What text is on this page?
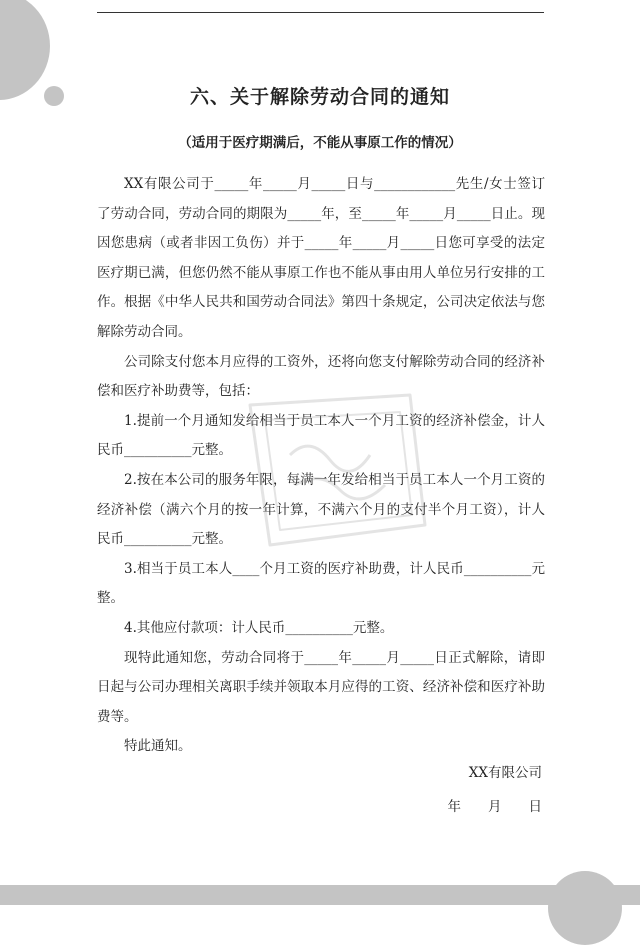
六、关于解除劳动合同的通知
（适用于医疗期满后，不能从事原工作的情况）

XX有限公司于_____年_____月_____日与____________先生/女士签订了劳动合同，劳动合同的期限为_____年，至_____年_____月_____日止。现因您患病（或者非因工负伤）并于_____年_____月_____日您可享受的法定医疗期已满，但您仍然不能从事原工作也不能从事由用人单位另行安排的工作。根据《中华人民共和国劳动合同法》第四十条规定，公司决定依法与您解除劳动合同。

公司除支付您本月应得的工资外，还将向您支付解除劳动合同的经济补偿和医疗补助费等，包括：

1.提前一个月通知发给相当于员工本人一个月工资的经济补偿金，计人民币__________元整。

2.按在本公司的服务年限，每满一年发给相当于员工本人一个月工资的经济补偿（满六个月的按一年计算，不满六个月的支付半个月工资），计人民币__________元整。

3.相当于员工本人____个月工资的医疗补助费，计人民币__________元整。

4.其他应付款项：计人民币__________元整。

现特此通知您，劳动合同将于_____年_____月_____日正式解除，请即日起与公司办理相关离职手续并领取本月应得的工资、经济补偿和医疗补助费等。

特此通知。

XX有限公司
年　　月　　日
